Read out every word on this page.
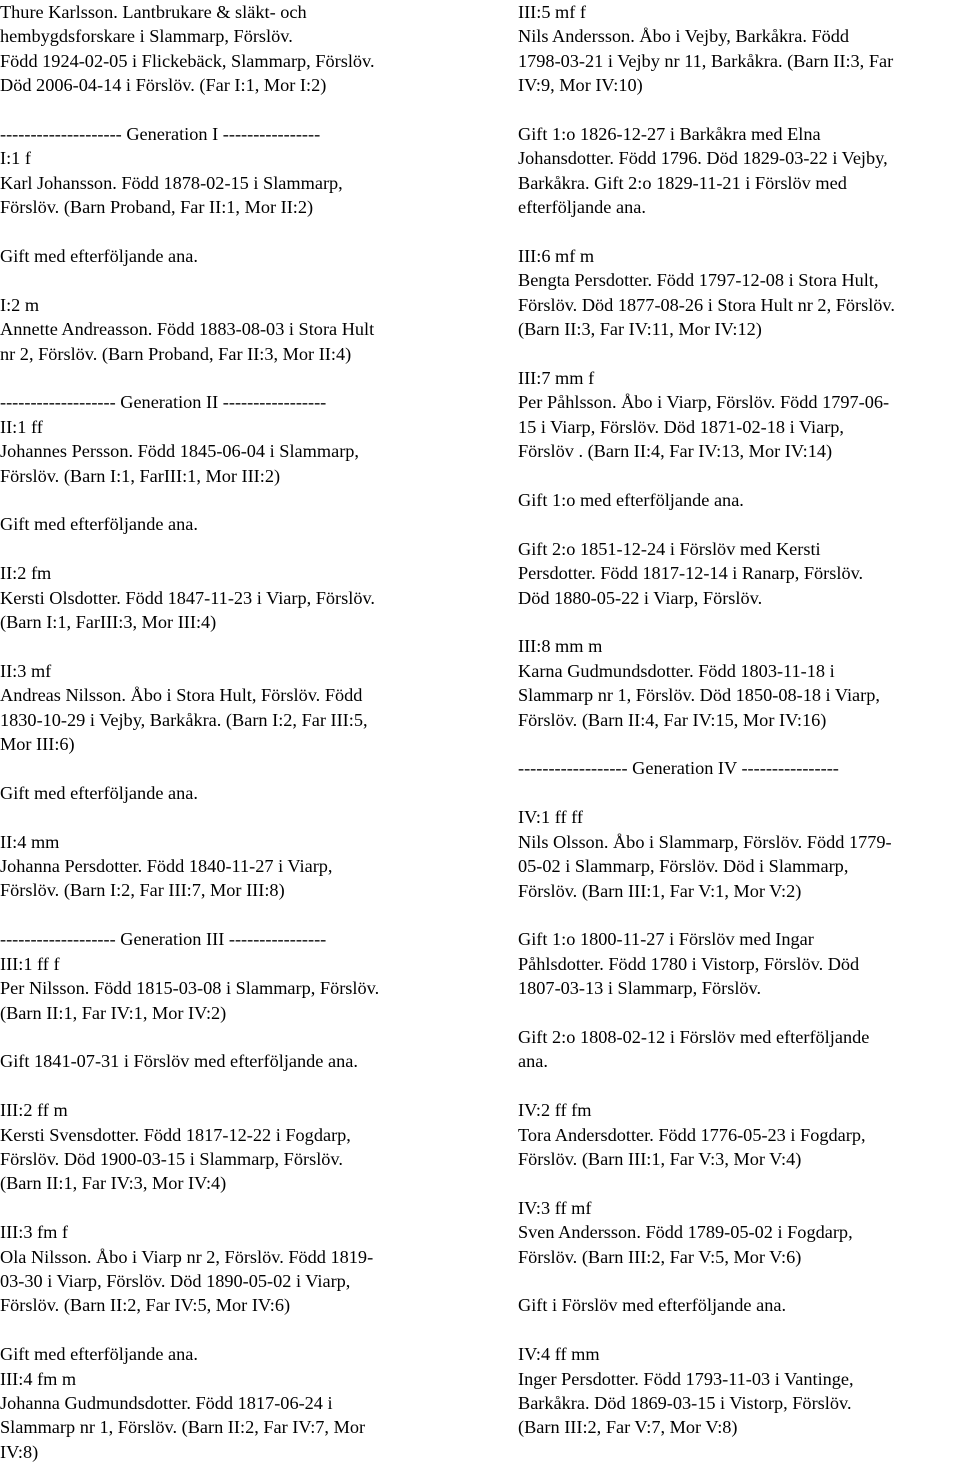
Thure Karlsson. Lantbrukare & släkt- och
hembygdsforskare i Slammarp, Förslöv.
Född 1924-02-05 i Flickebäck, Slammarp, Förslöv.
Död 2006-04-14 i Förslöv. (Far I:1, Mor I:2)

-------------------- Generation I ----------------
I:1 f
Karl Johansson. Född 1878-02-15 i Slammarp,
Förslöv. (Barn Proband, Far II:1, Mor II:2)

Gift med efterföljande ana.

I:2 m
Annette Andreasson. Född 1883-08-03 i Stora Hult
nr 2, Förslöv. (Barn Proband, Far II:3, Mor II:4)

------------------- Generation II -----------------
II:1 ff
Johannes Persson. Född 1845-06-04 i Slammarp,
Förslöv. (Barn I:1, FarIII:1, Mor III:2)

Gift med efterföljande ana.

II:2 fm
Kersti Olsdotter. Född 1847-11-23 i Viarp, Förslöv.
(Barn I:1, FarIII:3, Mor III:4)

II:3 mf
Andreas Nilsson. Åbo i Stora Hult, Förslöv. Född
1830-10-29 i Vejby, Barkåkra. (Barn I:2, Far III:5,
Mor III:6)

Gift med efterföljande ana.

II:4 mm
Johanna Persdotter. Född 1840-11-27 i Viarp,
Förslöv. (Barn I:2, Far III:7, Mor III:8)

------------------- Generation III ----------------
III:1 ff f
Per Nilsson. Född 1815-03-08 i Slammarp, Förslöv.
(Barn II:1, Far IV:1, Mor IV:2)

Gift 1841-07-31 i Förslöv med efterföljande ana.

III:2 ff m
Kersti Svensdotter. Född 1817-12-22 i Fogdarp,
Förslöv. Död 1900-03-15 i Slammarp, Förslöv.
(Barn II:1, Far IV:3, Mor IV:4)

III:3 fm f
Ola Nilsson. Åbo i Viarp nr 2, Förslöv. Född 1819-
03-30 i Viarp, Förslöv. Död 1890-05-02 i Viarp,
Förslöv. (Barn II:2, Far IV:5, Mor IV:6)

Gift med efterföljande ana.
III:4 fm m
Johanna Gudmundsdotter. Född 1817-06-24 i
Slammarp nr 1, Förslöv. (Barn II:2, Far IV:7, Mor
IV:8)

III:5 mf f
Nils Andersson. Åbo i Vejby, Barkåkra. Född
1798-03-21 i Vejby nr 11, Barkåkra. (Barn II:3, Far
IV:9, Mor IV:10)

Gift 1:o 1826-12-27 i Barkåkra med Elna
Johansdotter. Född 1796. Död 1829-03-22 i Vejby,
Barkåkra. Gift 2:o 1829-11-21 i Förslöv med
efterföljande ana.

III:6 mf m
Bengta Persdotter. Född 1797-12-08 i Stora Hult,
Förslöv. Död 1877-08-26 i Stora Hult nr 2, Förslöv.
(Barn II:3, Far IV:11, Mor IV:12)

III:7 mm f
Per Påhlsson. Åbo i Viarp, Förslöv. Född 1797-06-
15 i Viarp, Förslöv. Död 1871-02-18 i Viarp,
Förslöv . (Barn II:4, Far IV:13, Mor IV:14)

Gift 1:o med efterföljande ana.

Gift 2:o 1851-12-24 i Förslöv med Kersti
Persdotter. Född 1817-12-14 i Ranarp, Förslöv.
Död 1880-05-22 i Viarp, Förslöv.

III:8 mm m
Karna Gudmundsdotter. Född 1803-11-18 i
Slammarp nr 1, Förslöv. Död 1850-08-18 i Viarp,
Förslöv. (Barn II:4, Far IV:15, Mor IV:16)

------------------ Generation IV ----------------

IV:1 ff ff
Nils Olsson. Åbo i Slammarp, Förslöv. Född 1779-
05-02 i Slammarp, Förslöv. Död i Slammarp,
Förslöv. (Barn III:1, Far V:1, Mor V:2)

Gift 1:o 1800-11-27 i Förslöv med Ingar
Påhlsdotter. Född 1780 i Vistorp, Förslöv. Död
1807-03-13 i Slammarp, Förslöv.

Gift 2:o 1808-02-12 i Förslöv med efterföljande
ana.

IV:2 ff fm
Tora Andersdotter. Född 1776-05-23 i Fogdarp,
Förslöv. (Barn III:1, Far V:3, Mor V:4)

IV:3 ff mf
Sven Andersson. Född 1789-05-02 i Fogdarp,
Förslöv. (Barn III:2, Far V:5, Mor V:6)

Gift i Förslöv med efterföljande ana.

IV:4 ff mm
Inger Persdotter. Född 1793-11-03 i Vantinge,
Barkåkra. Död 1869-03-15 i Vistorp, Förslöv.
(Barn III:2, Far V:7, Mor V:8)
